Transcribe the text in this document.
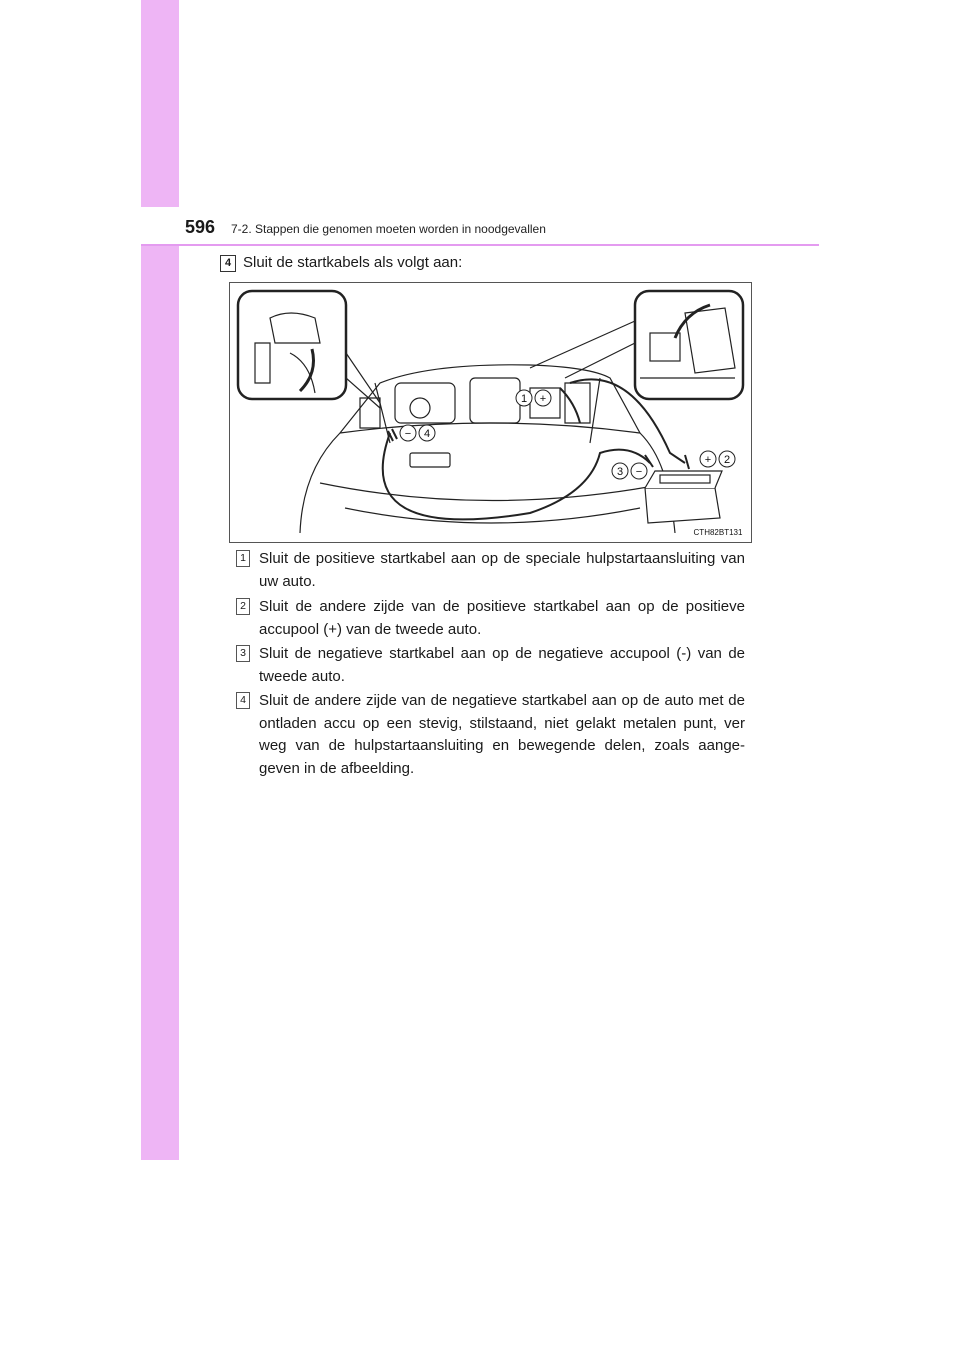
596 7-2. Stappen die genomen moeten worden in noodgevallen
4 Sluit de startkabels als volgt aan:
1 +
+ 2
3 −
− 4
CTH82BT131
1 Sluit de positieve startkabel aan op de speciale hulpstartaansluiting van uw auto.
2 Sluit de andere zijde van de positieve startkabel aan op de positieve accupool (+) van de tweede auto.
3 Sluit de negatieve startkabel aan op de negatieve accupool (-) van de tweede auto.
4 Sluit de andere zijde van de negatieve startkabel aan op de auto met de ontladen accu op een stevig, stilstaand, niet gelakt metalen punt, ver weg van de hulpstartaansluiting en bewegende delen, zoals aange-geven in de afbeelding.
